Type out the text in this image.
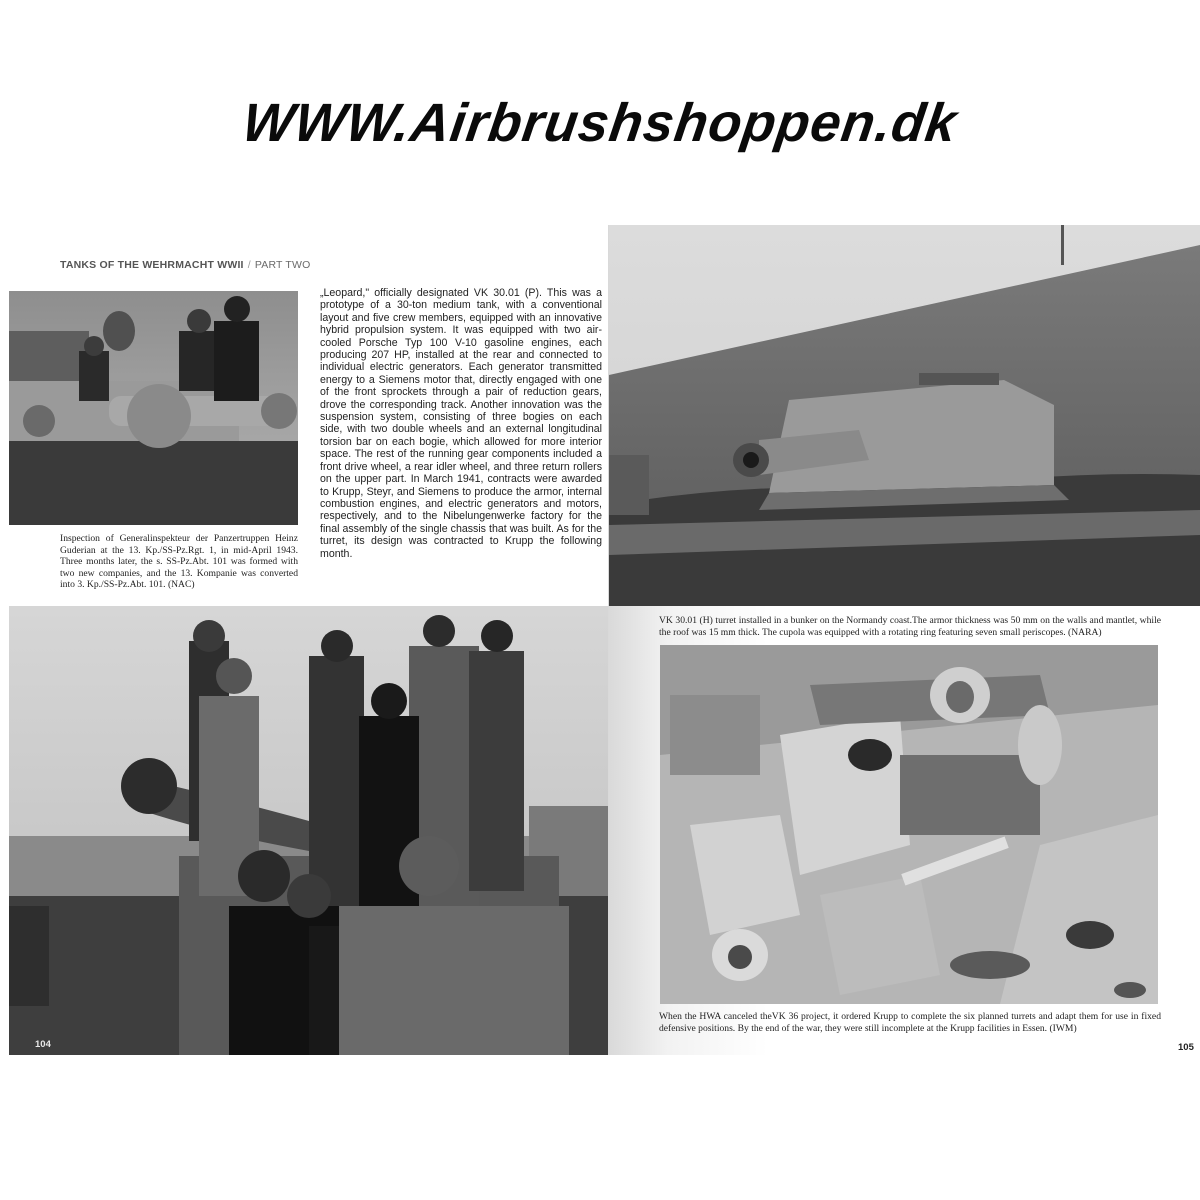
WWW.Airbrushshoppen.dk
TANKS OF THE WEHRMACHT WWII / PART TWO
Inspection of Generalinspekteur der Panzertruppen Heinz Guderian at the 13. Kp./SS-Pz.Rgt. 1, in mid-April 1943. Three months later, the s. SS-Pz.Abt. 101 was formed with two new companies, and the 13. Kompanie was converted into 3. Kp./SS-Pz.Abt. 101. (NAC)
„Leopard," officially designated VK 30.01 (P). This was a prototype of a 30-ton medium tank, with a conventional layout and five crew members, equipped with an innovative hybrid propulsion system. It was equipped with two air-cooled Porsche Typ 100 V-10 gasoline engines, each producing 207 HP, installed at the rear and connected to individual electric generators. Each generator transmitted energy to a Siemens motor that, directly engaged with one of the front sprockets through a pair of reduction gears, drove the corresponding track. Another innovation was the suspension system, consisting of three bogies on each side, with two double wheels and an external longitudinal torsion bar on each bogie, which allowed for more interior space. The rest of the running gear components included a front drive wheel, a rear idler wheel, and three return rollers on the upper part. In March 1941, contracts were awarded to Krupp, Steyr, and Siemens to produce the armor, internal combustion engines, and electric generators and motors, respectively, and to the Nibelungenwerke factory for the final assembly of the single chassis that was built. As for the turret, its design was contracted to Krupp the following month.
104
VK 30.01 (H) turret installed in a bunker on the Normandy coast.The armor thickness was 50 mm on the walls and mantlet, while the roof was 15 mm thick. The cupola was equipped with a rotating ring featuring seven small periscopes. (NARA)
When the HWA canceled theVK 36 project, it ordered Krupp to complete the six planned turrets and adapt them for use in fixed defensive positions. By the end of the war, they were still incomplete at the Krupp facilities in Essen. (IWM)
105
